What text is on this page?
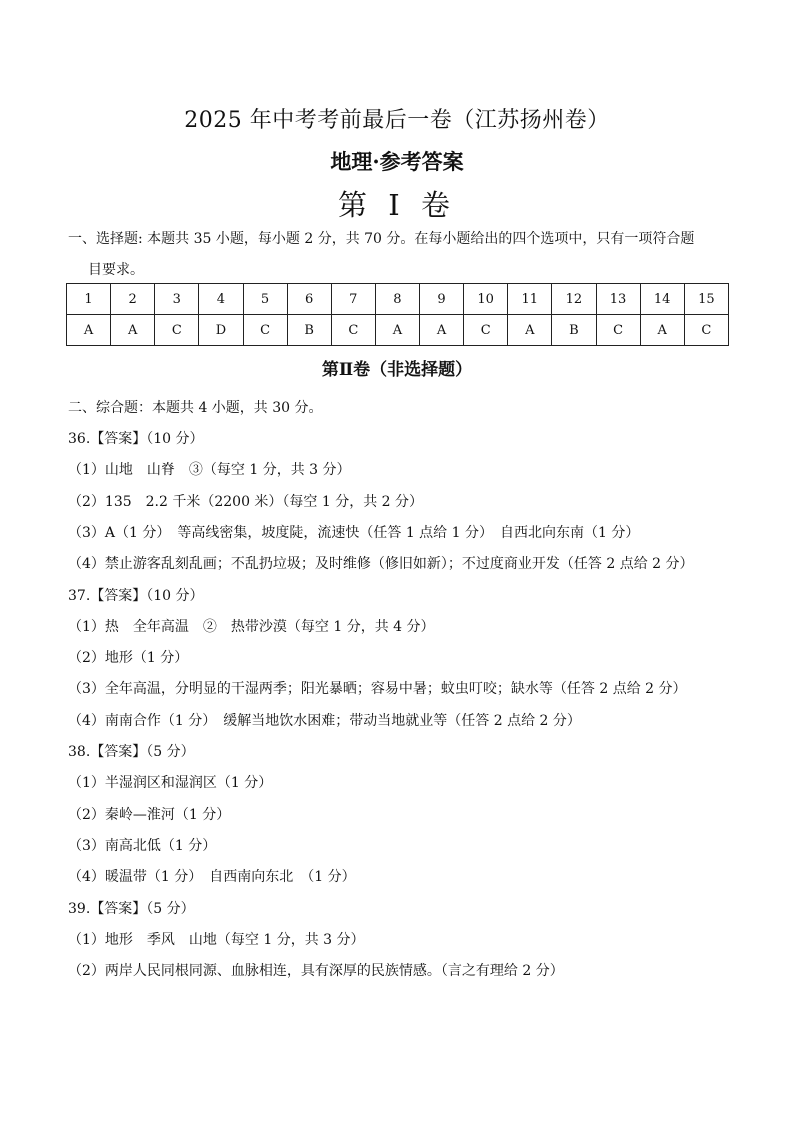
2025 年中考考前最后一卷（江苏扬州卷）
地理·参考答案
第 I 卷
一、选择题: 本题共 35 小题，每小题 2 分，共 70 分。在每小题给出的四个选项中，只有一项符合题
目要求。
1	2	3	4	5	6	7	8	9	10	11	12	13	14	15
A	A	C	D	C	B	C	A	A	C	A	B	C	A	C
第Ⅱ卷（非选择题）
二、综合题：本题共 4 小题，共 30 分。
36.【答案】（10 分）
（1）山地　山脊　③（每空 1 分，共 3 分）
（2）135　2.2 千米（2200 米）（每空 1 分，共 2 分）
（3）A（1 分）　等高线密集，坡度陡，流速快（任答 1 点给 1 分）　自西北向东南（1 分）
（4）禁止游客乱刻乱画；不乱扔垃圾；及时维修（修旧如新）；不过度商业开发（任答 2 点给 2 分）
37.【答案】（10 分）
（1）热　全年高温　②　热带沙漠（每空 1 分，共 4 分）
（2）地形（1 分）
（3）全年高温，分明显的干湿两季；阳光暴晒；容易中暑；蚊虫叮咬；缺水等（任答 2 点给 2 分）
（4）南南合作（1 分）　缓解当地饮水困难；带动当地就业等（任答 2 点给 2 分）
38.【答案】（5 分）
（1）半湿润区和湿润区（1 分）
（2）秦岭—淮河（1 分）
（3）南高北低（1 分）
（4）暖温带（1 分）　自西南向东北　（1 分）
39.【答案】（5 分）
（1）地形　季风　山地（每空 1 分，共 3 分）
（2）两岸人民同根同源、血脉相连，具有深厚的民族情感。（言之有理给 2 分）
